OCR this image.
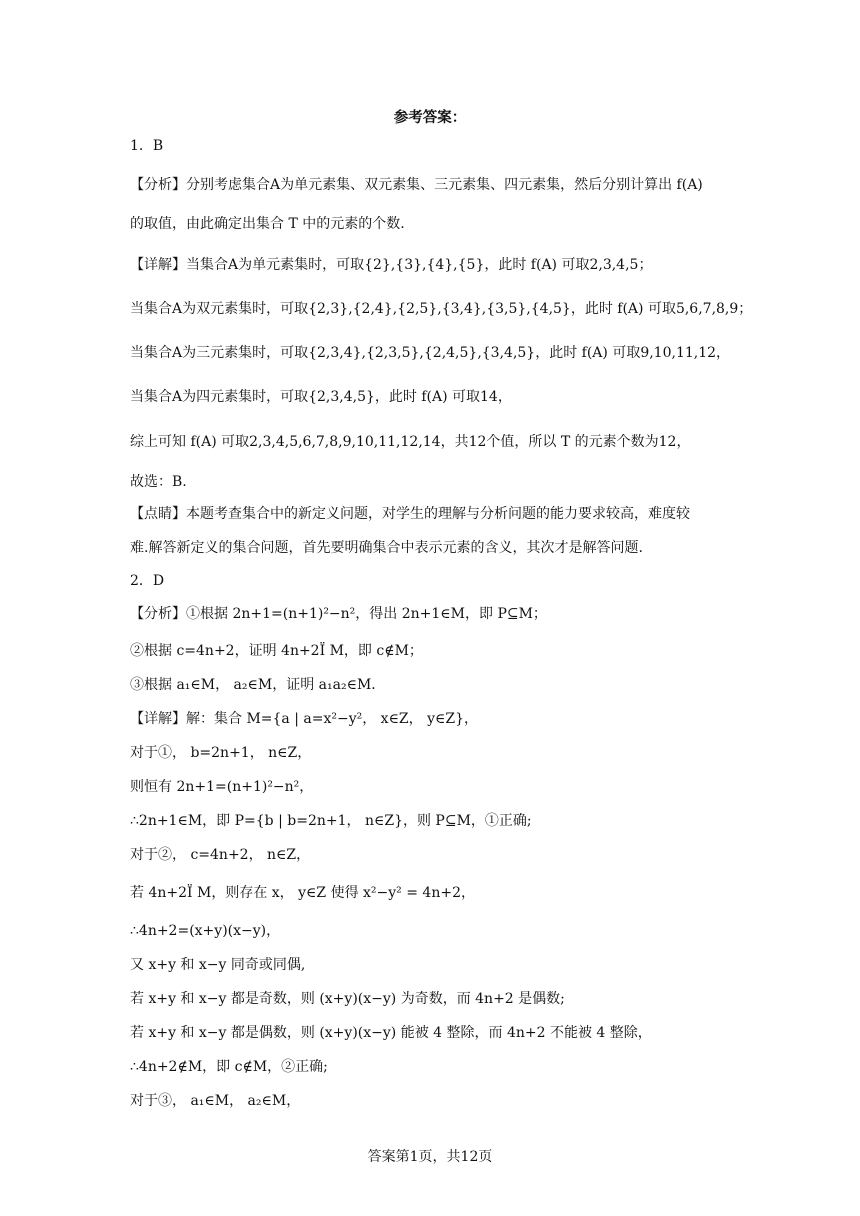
参考答案：
1．B
【分析】分别考虑集合A为单元素集、双元素集、三元素集、四元素集，然后分别计算出 f(A)
的取值，由此确定出集合 T 中的元素的个数.
【详解】当集合A为单元素集时，可取{2},{3},{4},{5}，此时 f(A) 可取2,3,4,5；
当集合A为双元素集时，可取{2,3},{2,4},{2,5},{3,4},{3,5},{4,5}，此时 f(A) 可取5,6,7,8,9；
当集合A为三元素集时，可取{2,3,4},{2,3,5},{2,4,5},{3,4,5}，此时 f(A) 可取9,10,11,12，
当集合A为四元素集时，可取{2,3,4,5}，此时 f(A) 可取14，
综上可知 f(A) 可取2,3,4,5,6,7,8,9,10,11,12,14，共12个值，所以 T 的元素个数为12，
故选：B.
【点睛】本题考查集合中的新定义问题，对学生的理解与分析问题的能力要求较高，难度较
难.解答新定义的集合问题，首先要明确集合中表示元素的含义，其次才是解答问题.
2．D
【分析】①根据 2n+1=(n+1)²−n²，得出 2n+1∈M，即 P⊆M；
②根据 c=4n+2，证明 4n+2Ï M，即 c∉M；
③根据 a₁∈M， a₂∈M，证明 a₁a₂∈M．
【详解】解：集合 M={a | a=x²−y²， x∈Z， y∈Z}，
对于①， b=2n+1， n∈Z，
则恒有 2n+1=(n+1)²−n²，
∴2n+1∈M，即 P={b | b=2n+1， n∈Z}，则 P⊆M，①正确;
对于②， c=4n+2， n∈Z，
若 4n+2Ï M，则存在 x， y∈Z 使得 x²−y² = 4n+2，
∴4n+2=(x+y)(x−y)，
又 x+y 和 x−y 同奇或同偶,
若 x+y 和 x−y 都是奇数，则 (x+y)(x−y) 为奇数，而 4n+2 是偶数;
若 x+y 和 x−y 都是偶数，则 (x+y)(x−y) 能被 4 整除，而 4n+2 不能被 4 整除，
∴4n+2∉M，即 c∉M，②正确;
对于③， a₁∈M， a₂∈M，
答案第1页，共12页
